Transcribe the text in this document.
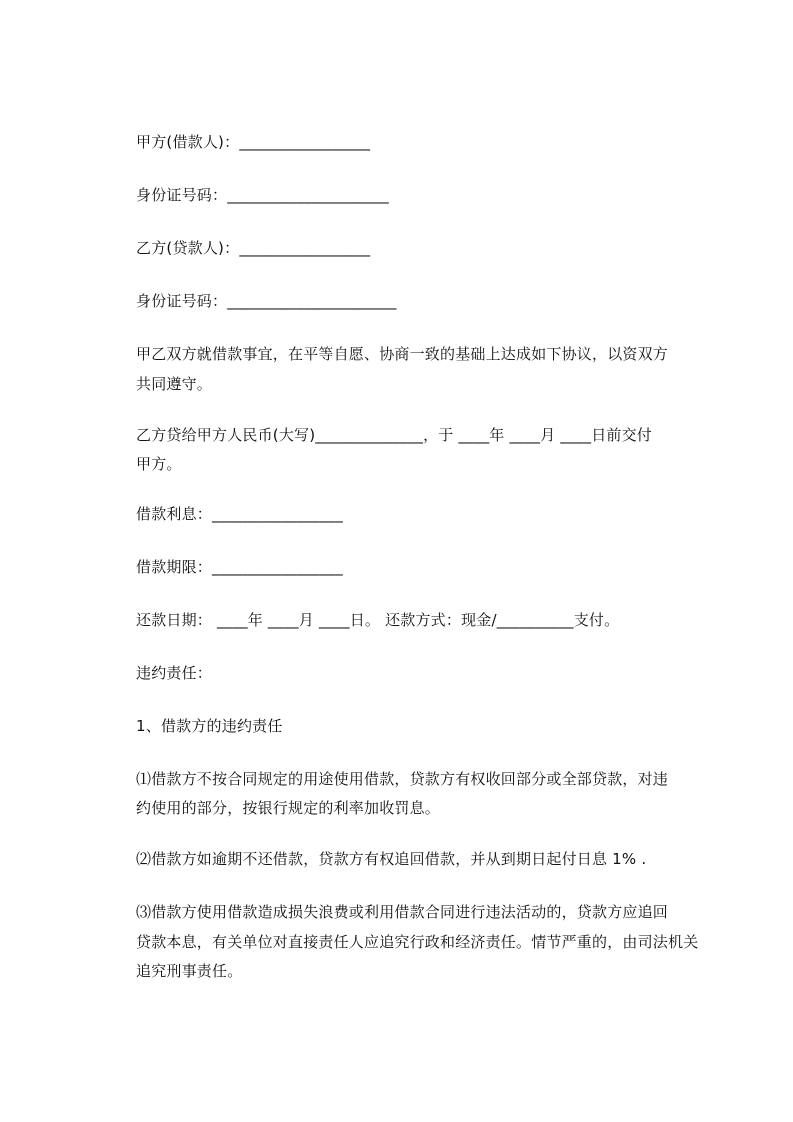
甲方(借款人)：_________________
身份证号码：_____________________
乙方(贷款人)：_________________
身份证号码：______________________
甲乙双方就借款事宜，在平等自愿、协商一致的基础上达成如下协议，以资双方
共同遵守。
乙方贷给甲方人民币(大写)______________，于 ____年 ____月 ____日前交付
甲方。
借款利息：_________________
借款期限：_________________
还款日期： ____年 ____月 ____日。 还款方式：现金/__________支付。
违约责任：
1、借款方的违约责任
⑴借款方不按合同规定的用途使用借款，贷款方有权收回部分或全部贷款，对违
约使用的部分，按银行规定的利率加收罚息。
⑵借款方如逾期不还借款，贷款方有权追回借款，并从到期日起付日息 1% .
⑶借款方使用借款造成损失浪费或利用借款合同进行违法活动的，贷款方应追回
贷款本息，有关单位对直接责任人应追究行政和经济责任。情节严重的，由司法机关
追究刑事责任。
